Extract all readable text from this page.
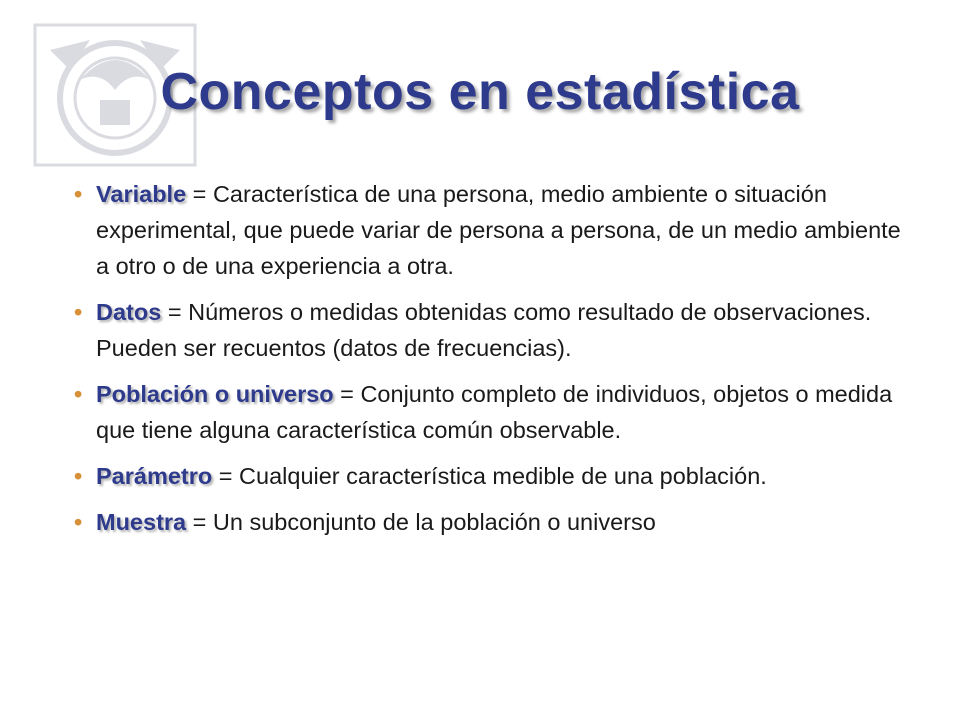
Conceptos en estadística
• Variable = Característica de una persona, medio ambiente o situación experimental, que puede variar de persona a persona, de un medio ambiente a otro o de una experiencia a otra.
• Datos = Números o medidas obtenidas como resultado de observaciones. Pueden ser recuentos (datos de frecuencias).
• Población o universo = Conjunto completo de individuos, objetos o medida que tiene alguna característica común observable.
• Parámetro = Cualquier característica medible de una población.
• Muestra = Un subconjunto de la población o universo
